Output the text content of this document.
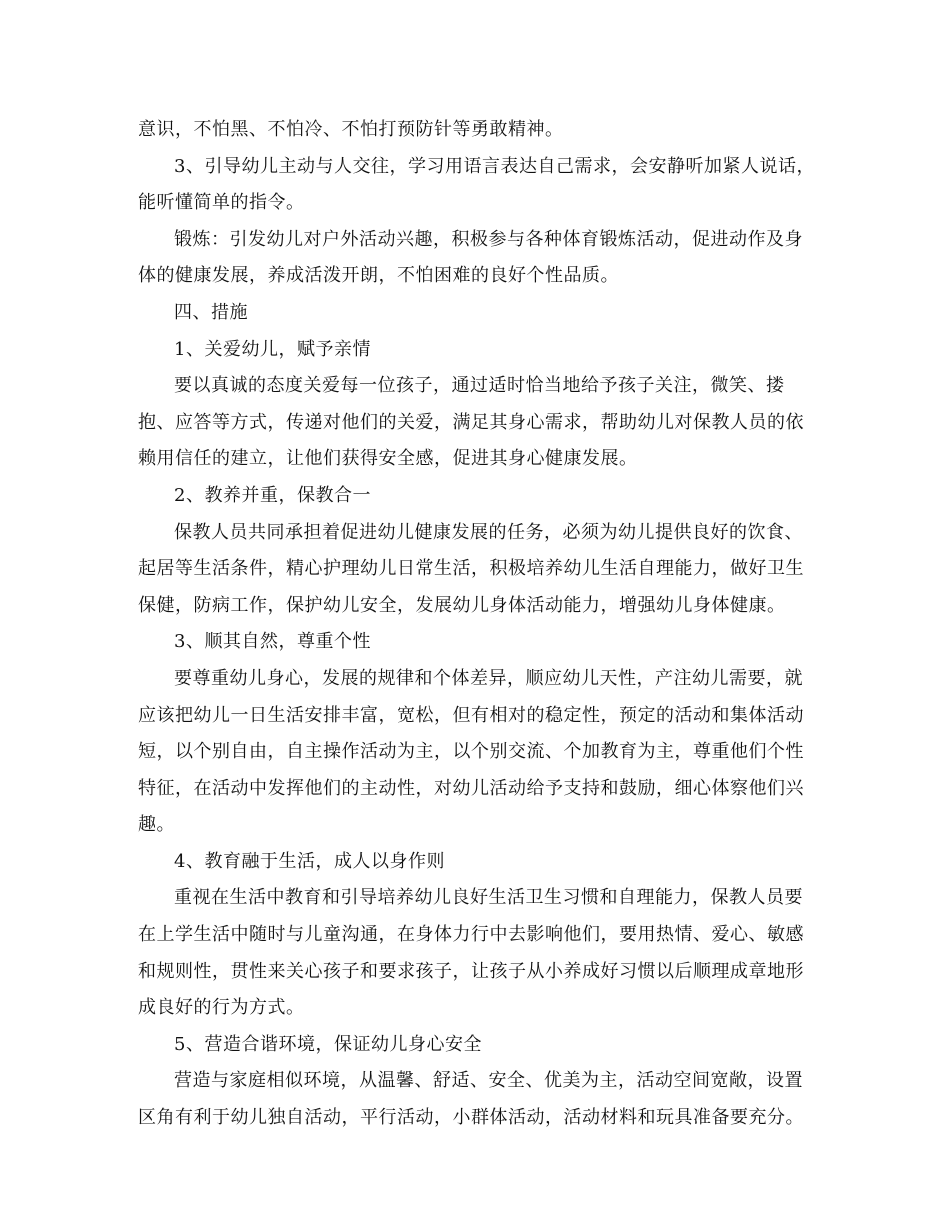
意识，不怕黑、不怕冷、不怕打预防针等勇敢精神。

3、引导幼儿主动与人交往，学习用语言表达自己需求，会安静听加紧人说话，能听懂简单的指令。

锻炼：引发幼儿对户外活动兴趣，积极参与各种体育锻炼活动，促进动作及身体的健康发展，养成活泼开朗，不怕困难的良好个性品质。

四、措施

1、关爱幼儿，赋予亲情

要以真诚的态度关爱每一位孩子，通过适时恰当地给予孩子关注，微笑、搂抱、应答等方式，传递对他们的关爱，满足其身心需求，帮助幼儿对保教人员的依赖用信任的建立，让他们获得安全感，促进其身心健康发展。

2、教养并重，保教合一

保教人员共同承担着促进幼儿健康发展的任务，必须为幼儿提供良好的饮食、起居等生活条件，精心护理幼儿日常生活，积极培养幼儿生活自理能力，做好卫生保健，防病工作，保护幼儿安全，发展幼儿身体活动能力，增强幼儿身体健康。

3、顺其自然，尊重个性

要尊重幼儿身心，发展的规律和个体差异，顺应幼儿天性，产注幼儿需要，就应该把幼儿一日生活安排丰富，宽松，但有相对的稳定性，预定的活动和集体活动短，以个别自由，自主操作活动为主，以个别交流、个加教育为主，尊重他们个性特征，在活动中发挥他们的主动性，对幼儿活动给予支持和鼓励，细心体察他们兴趣。

4、教育融于生活，成人以身作则

重视在生活中教育和引导培养幼儿良好生活卫生习惯和自理能力，保教人员要在上学生活中随时与儿童沟通，在身体力行中去影响他们，要用热情、爱心、敏感和规则性，贯性来关心孩子和要求孩子，让孩子从小养成好习惯以后顺理成章地形成良好的行为方式。

5、营造合谐环境，保证幼儿身心安全

营造与家庭相似环境，从温馨、舒适、安全、优美为主，活动空间宽敞，设置区角有利于幼儿独自活动，平行活动，小群体活动，活动材料和玩具准备要充分。
